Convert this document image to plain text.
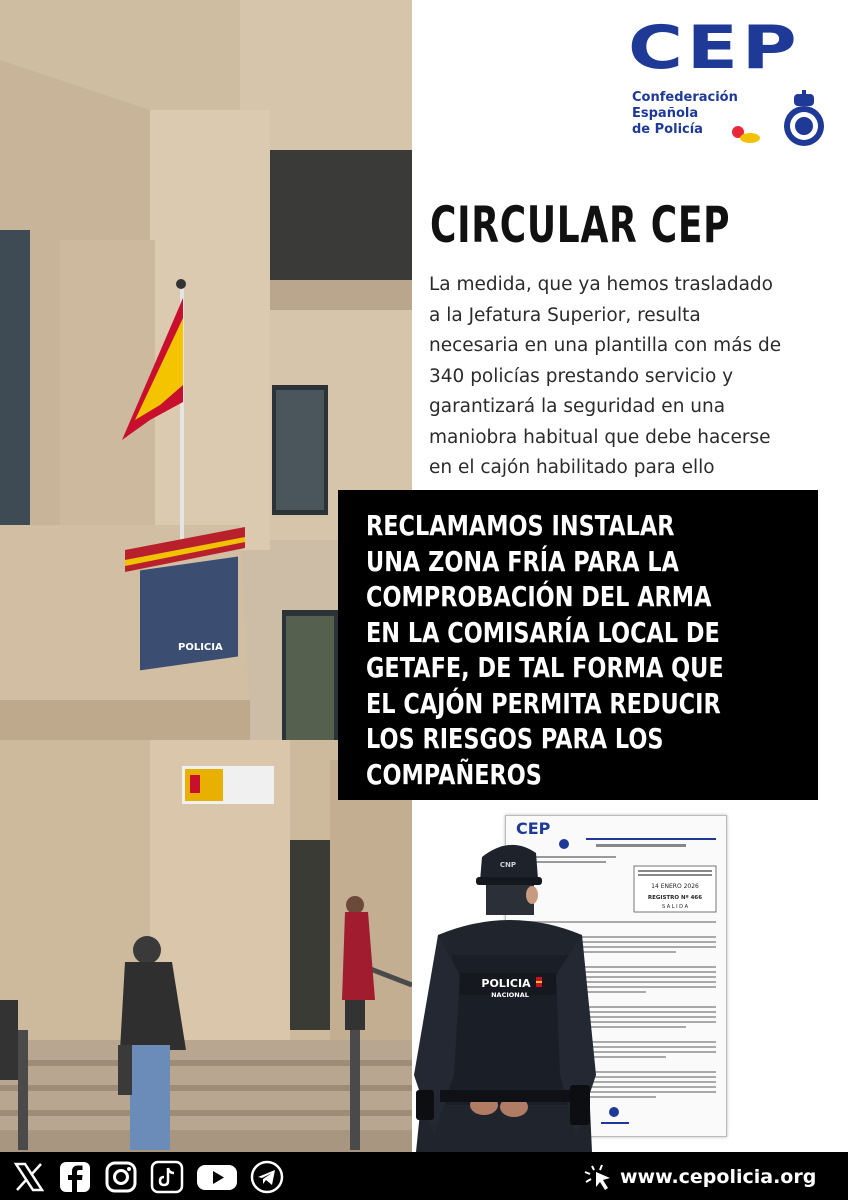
POLICIA
CEP
Confederación
Española
de Policía
CIRCULAR CEP
La medida, que ya hemos trasladado
a la Jefatura Superior, resulta
necesaria en una plantilla con más de
340 policías prestando servicio y
garantizará la seguridad en una
maniobra habitual que debe hacerse
en el cajón habilitado para ello
RECLAMAMOS INSTALAR
UNA ZONA FRÍA PARA LA
COMPROBACIÓN DEL ARMA
EN LA COMISARÍA LOCAL DE
GETAFE, DE TAL FORMA QUE
EL CAJÓN PERMITA REDUCIR
LOS RIESGOS PARA LOS
COMPAÑEROS
CEP
14 ENERO 2026
REGISTRO Nº 466
S A L I D A
CNP
POLICIA
NACIONAL
www.cepolicia.org
